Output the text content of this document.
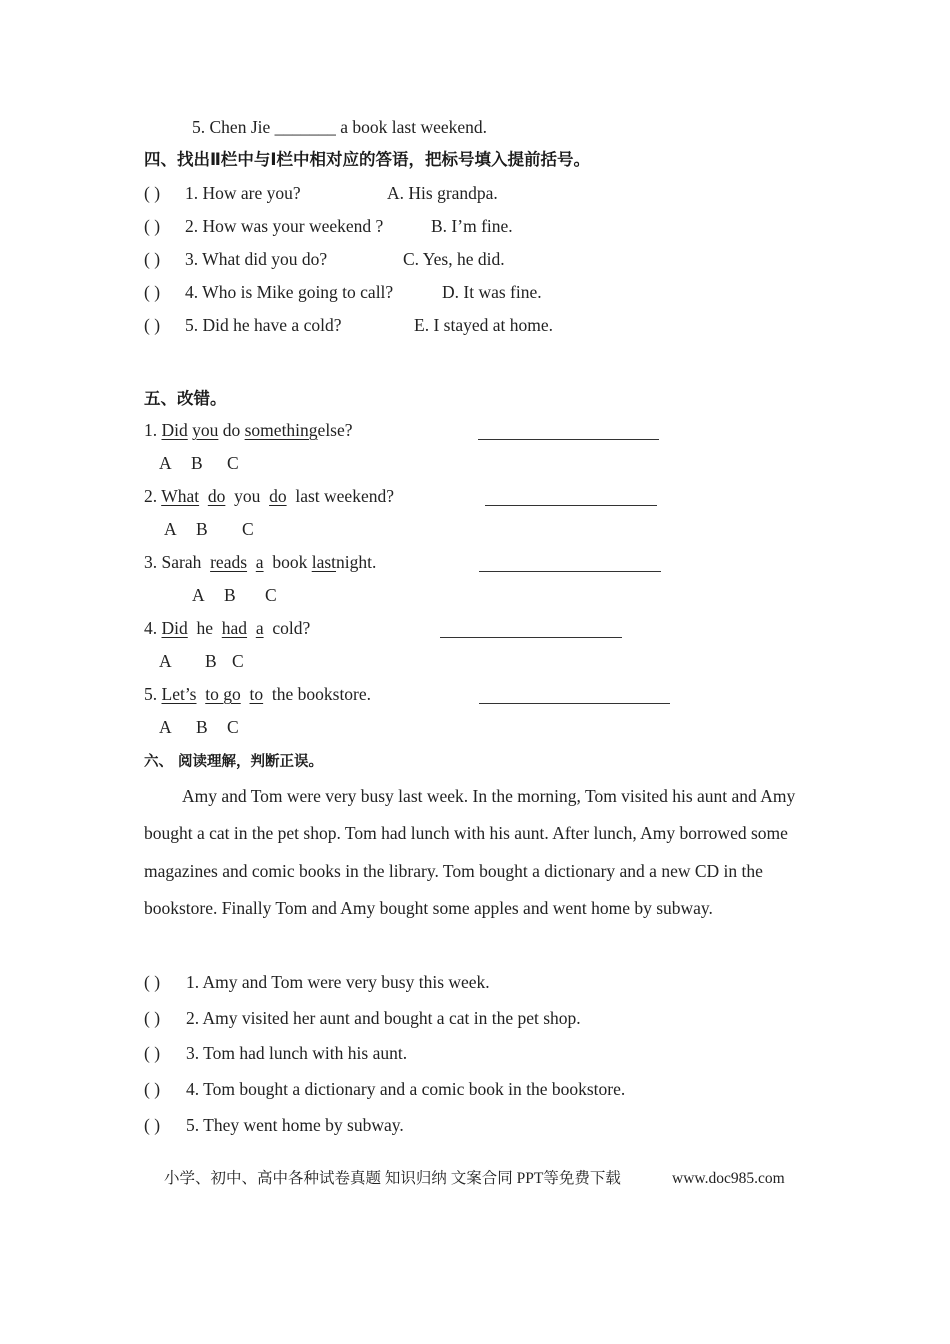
5. Chen Jie _______ a book last weekend.
四、找出Ⅱ栏中与Ⅰ栏中相对应的答语，把标号填入提前括号。
( ) 1. How are you?	A. His grandpa.
( ) 2. How was your weekend ?	B. I’m fine.
( ) 3. What did you do?	C. Yes, he did.
( ) 4. Who is Mike going to call?	D. It was fine.
( ) 5. Did he have a cold?	E. I stayed at home.
五、改错。
1. Did you do somethingelse?
A B C
2. What do you do last weekend?
A B C
3. Sarah reads a book lastnight.
A B C
4. Did he had a cold?
A B C
5. Let’s to go to the bookstore.
A B C
六、 阅读理解，判断正误。
Amy and Tom were very busy last week. In the morning, Tom visited his aunt and Amy bought a cat in the pet shop. Tom had lunch with his aunt. After lunch, Amy borrowed some magazines and comic books in the library. Tom bought a dictionary and a new CD in the bookstore. Finally Tom and Amy bought some apples and went home by subway.
( ) 1. Amy and Tom were very busy this week.
( ) 2. Amy visited her aunt and bought a cat in the pet shop.
( ) 3. Tom had lunch with his aunt.
( ) 4. Tom bought a dictionary and a comic book in the bookstore.
( ) 5. They went home by subway.
小学、初中、高中各种试卷真题 知识归纳 文案合同 PPT等免费下载	www.doc985.com
